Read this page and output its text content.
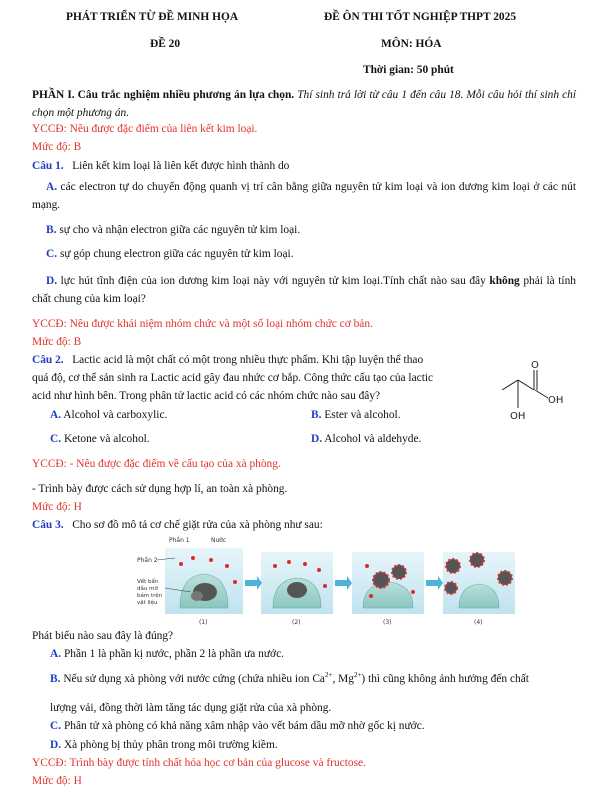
PHÁT TRIỂN TỪ ĐỀ MINH HỌA	ĐỀ ÔN THI TỐT NGHIỆP THPT 2025
ĐỀ 20	MÔN: HÓA
Thời gian: 50 phút
PHẦN I. Câu trắc nghiệm nhiều phương án lựa chọn. Thí sinh trả lời từ câu 1 đến câu 18. Mỗi câu hỏi thí sinh chỉ chọn một phương án.
YCCĐ: Nêu được đặc điểm của liên kết kim loại.
Mức độ: B
Câu 1. Liên kết kim loại là liên kết được hình thành do
A. các electron tự do chuyển động quanh vị trí cân bằng giữa nguyên tử kim loại và ion dương kim loại ở các nút mạng.
B. sự cho và nhận electron giữa các nguyên tử kim loại.
C. sự góp chung electron giữa các nguyên tử kim loại.
D. lực hút tĩnh điện của ion dương kim loại này với nguyên tử kim loại.Tính chất nào sau đây không phải là tính chất chung của kim loại?
YCCĐ: Nêu được khái niệm nhóm chức và một số loại nhóm chức cơ bản.
Mức độ: B
Câu 2. Lactic acid là một chất có một trong nhiều thực phẩm. Khi tập luyện thể thao
quá độ, cơ thể sản sinh ra Lactic acid gây đau nhức cơ bắp. Công thức cấu tạo của lactic
acid như hình bên. Trong phân tử lactic acid có các nhóm chức nào sau đây?
A. Alcohol và carboxylic.	B. Ester và alcohol.
C. Ketone và alcohol.	D. Alcohol và aldehyde.
O
OH
OH
YCCĐ: - Nêu được đặc điểm về cấu tạo của xà phòng.
- Trình bày được cách sử dụng hợp lí, an toàn xà phòng.
Mức độ: H
Câu 3. Cho sơ đồ mô tả cơ chế giặt rửa của xà phòng như sau:
Phần 1	Nước
Phần 2
Vết bẩn
dầu mỡ
bám trên
vật liệu
(1)	(2)	(3)	(4)
Phát biểu nào sau đây là đúng?
A. Phần 1 là phần kị nước, phần 2 là phần ưa nước.
B. Nếu sử dụng xà phòng với nước cứng (chứa nhiều ion $Ca^{2+}$, $Mg^{2+}$) thì cũng không ảnh hưởng đến chất
lượng vải, đồng thời làm tăng tác dụng giặt rửa của xà phòng.
C. Phân tử xà phòng có khả năng xâm nhập vào vết bám dầu mỡ nhờ gốc kị nước.
D. Xà phòng bị thủy phân trong môi trường kiềm.
YCCĐ: Trình bày được tính chất hóa học cơ bản của glucose và fructose.
Mức độ: H
